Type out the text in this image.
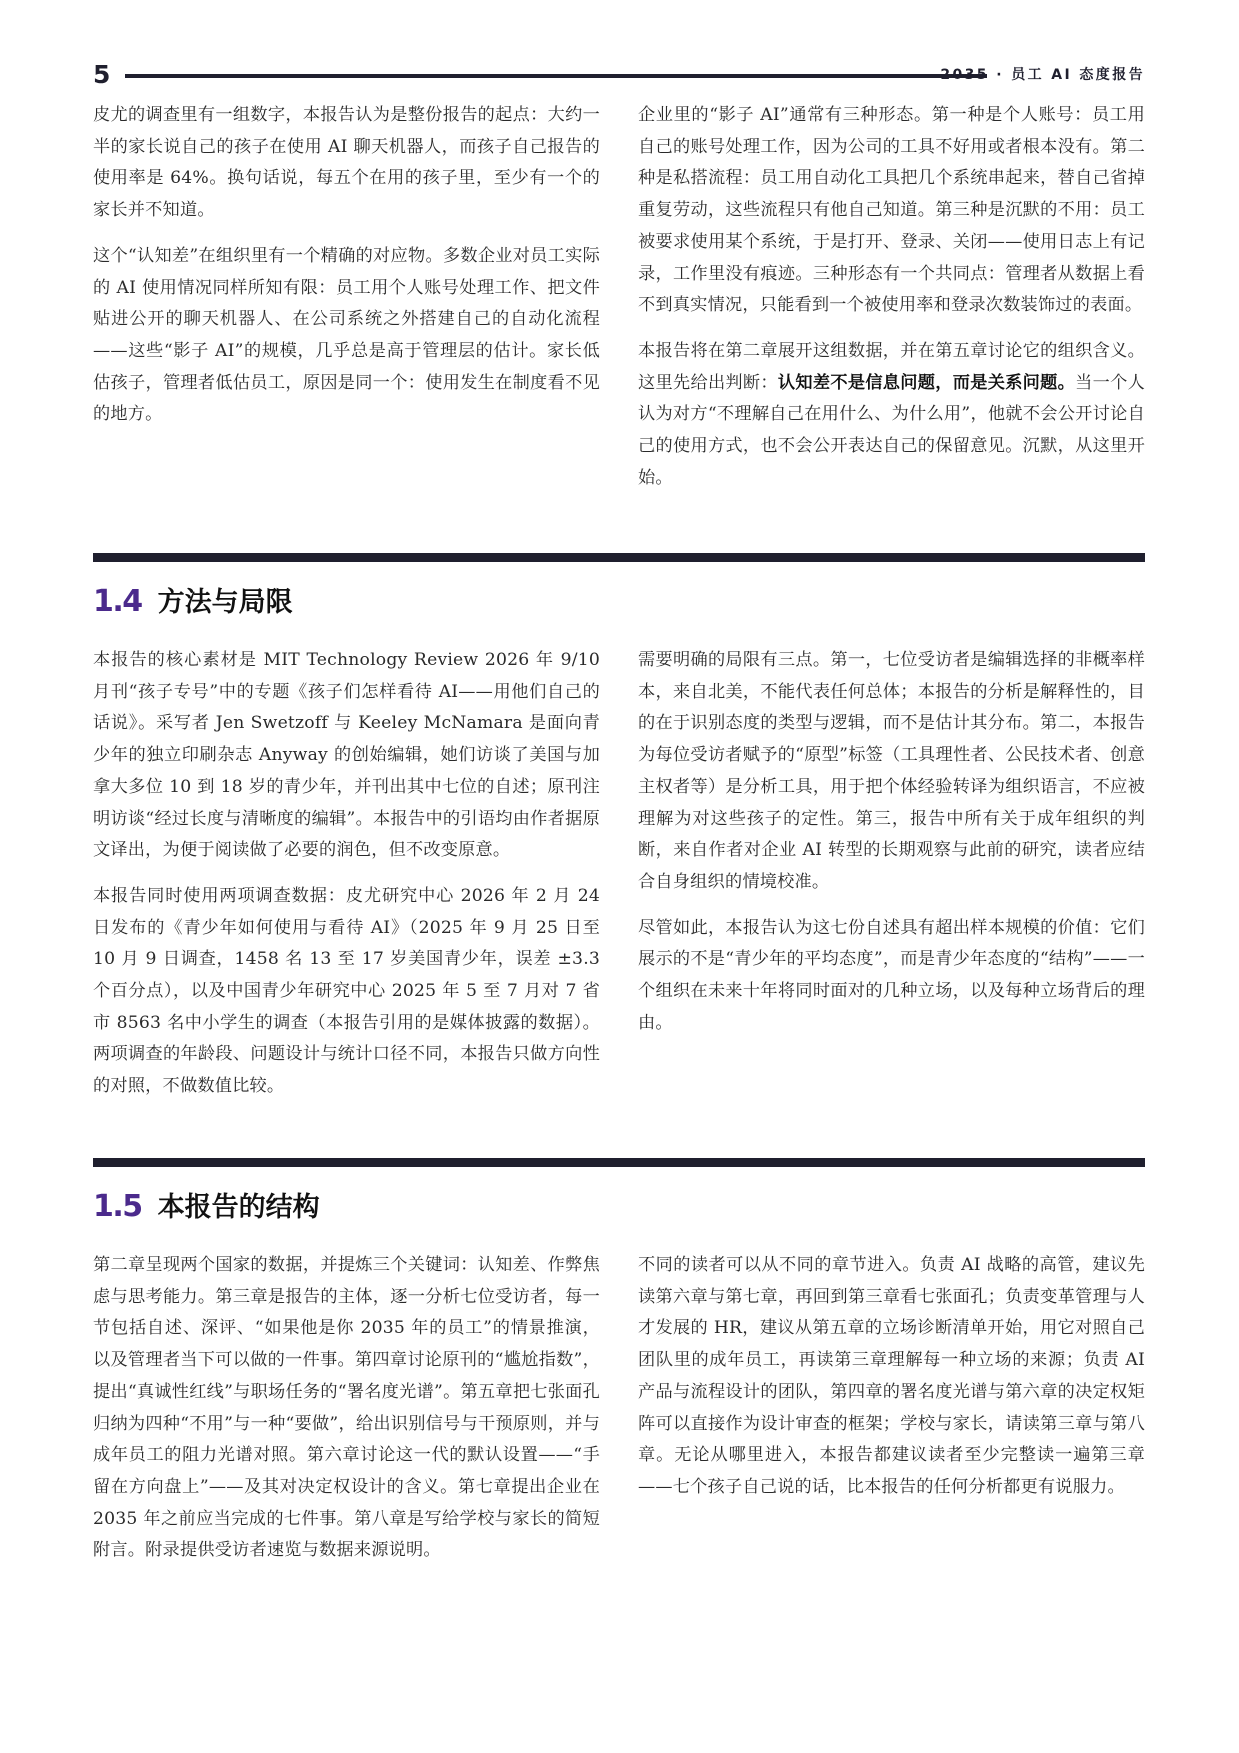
5	2035 · 员工 AI 态度报告

皮尤的调查里有一组数字，本报告认为是整份报告的起点：大约一半的家长说自己的孩子在使用 AI 聊天机器人，而孩子自己报告的使用率是 64%。换句话说，每五个在用的孩子里，至少有一个的家长并不知道。

这个“认知差”在组织里有一个精确的对应物。多数企业对员工实际的 AI 使用情况同样所知有限：员工用个人账号处理工作、把文件贴进公开的聊天机器人、在公司系统之外搭建自己的自动化流程——这些“影子 AI”的规模，几乎总是高于管理层的估计。家长低估孩子，管理者低估员工，原因是同一个：使用发生在制度看不见的地方。

企业里的“影子 AI”通常有三种形态。第一种是个人账号：员工用自己的账号处理工作，因为公司的工具不好用或者根本没有。第二种是私搭流程：员工用自动化工具把几个系统串起来，替自己省掉重复劳动，这些流程只有他自己知道。第三种是沉默的不用：员工被要求使用某个系统，于是打开、登录、关闭——使用日志上有记录，工作里没有痕迹。三种形态有一个共同点：管理者从数据上看不到真实情况，只能看到一个被使用率和登录次数装饰过的表面。

本报告将在第二章展开这组数据，并在第五章讨论它的组织含义。这里先给出判断：认知差不是信息问题，而是关系问题。当一个人认为对方“不理解自己在用什么、为什么用”，他就不会公开讨论自己的使用方式，也不会公开表达自己的保留意见。沉默，从这里开始。

1.4 方法与局限

本报告的核心素材是 MIT Technology Review 2026 年 9/10 月刊“孩子专号”中的专题《孩子们怎样看待 AI——用他们自己的话说》。采写者 Jen Swetzoff 与 Keeley McNamara 是面向青少年的独立印刷杂志 Anyway 的创始编辑，她们访谈了美国与加拿大多位 10 到 18 岁的青少年，并刊出其中七位的自述；原刊注明访谈“经过长度与清晰度的编辑”。本报告中的引语均由作者据原文译出，为便于阅读做了必要的润色，但不改变原意。

本报告同时使用两项调查数据：皮尤研究中心 2026 年 2 月 24 日发布的《青少年如何使用与看待 AI》（2025 年 9 月 25 日至 10 月 9 日调查，1458 名 13 至 17 岁美国青少年，误差 ±3.3 个百分点），以及中国青少年研究中心 2025 年 5 至 7 月对 7 省市 8563 名中小学生的调查（本报告引用的是媒体披露的数据）。两项调查的年龄段、问题设计与统计口径不同，本报告只做方向性的对照，不做数值比较。

需要明确的局限有三点。第一，七位受访者是编辑选择的非概率样本，来自北美，不能代表任何总体；本报告的分析是解释性的，目的在于识别态度的类型与逻辑，而不是估计其分布。第二，本报告为每位受访者赋予的“原型”标签（工具理性者、公民技术者、创意主权者等）是分析工具，用于把个体经验转译为组织语言，不应被理解为对这些孩子的定性。第三，报告中所有关于成年组织的判断，来自作者对企业 AI 转型的长期观察与此前的研究，读者应结合自身组织的情境校准。

尽管如此，本报告认为这七份自述具有超出样本规模的价值：它们展示的不是“青少年的平均态度”，而是青少年态度的“结构”——一个组织在未来十年将同时面对的几种立场，以及每种立场背后的理由。

1.5 本报告的结构

第二章呈现两个国家的数据，并提炼三个关键词：认知差、作弊焦虑与思考能力。第三章是报告的主体，逐一分析七位受访者，每一节包括自述、深评、“如果他是你 2035 年的员工”的情景推演，以及管理者当下可以做的一件事。第四章讨论原刊的“尴尬指数”，提出“真诚性红线”与职场任务的“署名度光谱”。第五章把七张面孔归纳为四种“不用”与一种“要做”，给出识别信号与干预原则，并与成年员工的阻力光谱对照。第六章讨论这一代的默认设置——“手留在方向盘上”——及其对决定权设计的含义。第七章提出企业在 2035 年之前应当完成的七件事。第八章是写给学校与家长的简短附言。附录提供受访者速览与数据来源说明。

不同的读者可以从不同的章节进入。负责 AI 战略的高管，建议先读第六章与第七章，再回到第三章看七张面孔；负责变革管理与人才发展的 HR，建议从第五章的立场诊断清单开始，用它对照自己团队里的成年员工，再读第三章理解每一种立场的来源；负责 AI 产品与流程设计的团队，第四章的署名度光谱与第六章的决定权矩阵可以直接作为设计审查的框架；学校与家长，请读第三章与第八章。无论从哪里进入，本报告都建议读者至少完整读一遍第三章——七个孩子自己说的话，比本报告的任何分析都更有说服力。
